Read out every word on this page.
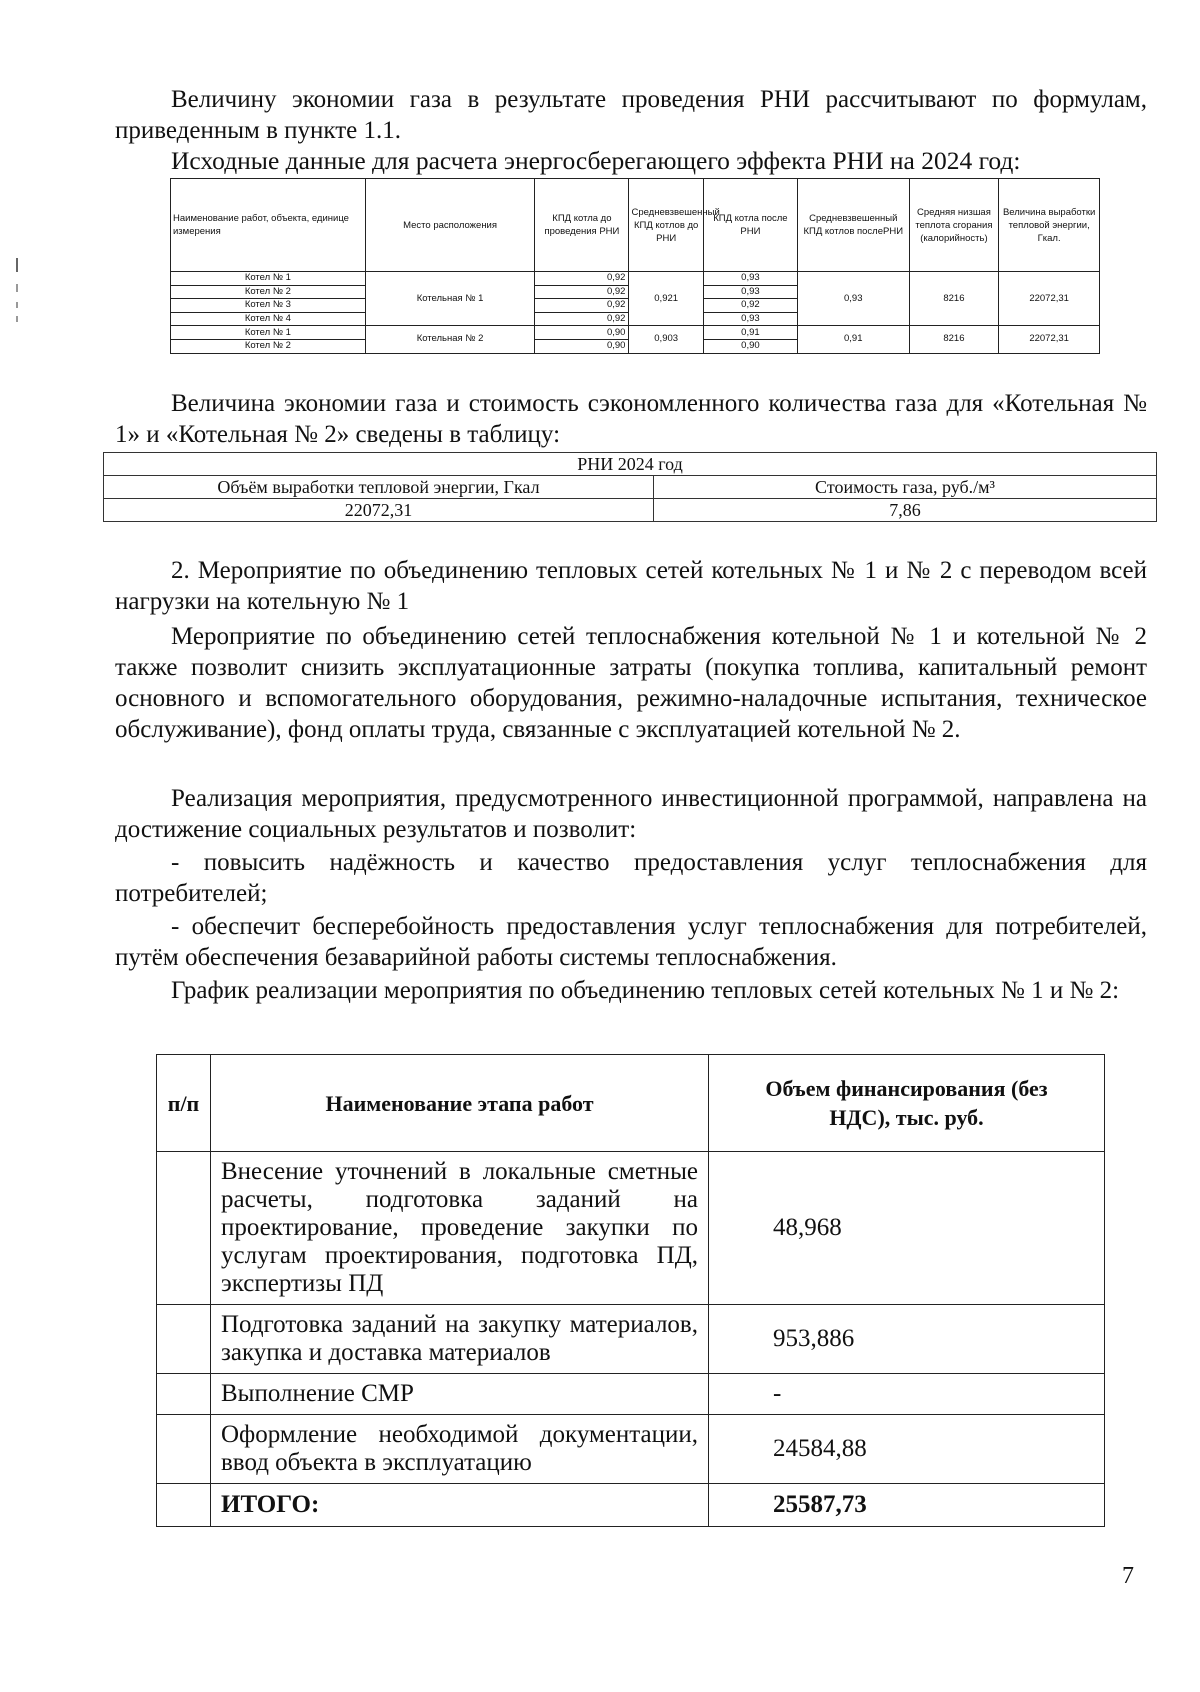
Величину экономии газа в результате проведения РНИ рассчитывают по формулам, приведенным в пункте 1.1.

Исходные данные для расчета энергосберегающего эффекта РНИ на 2024 год:

Наименование работ, объекта, единице измерения	Место расположения	КПД котла до проведения РНИ	Средневзвешенный КПД котлов до РНИ	КПД котла после РНИ	Средневзвешенный КПД котлов послеРНИ	Средняя низшая теплота сгорания (калорийность)	Величина выработки тепловой энергии, Гкал.
Котел № 1	Котельная № 1	0,92	0,921	0,93	0,93	8216	22072,31
Котел № 2		0,92		0,93			
Котел № 3		0,92		0,92			
Котел № 4		0,92		0,93			
Котел № 1	Котельная № 2	0,90	0,903	0,91	0,91	8216	22072,31
Котел № 2		0,90		0,90			

Величина экономии газа и стоимость сэкономленного количества газа для «Котельная № 1» и «Котельная № 2» сведены в таблицу:

РНИ 2024 год	
Объём выработки тепловой энергии, Гкал	Стоимость газа, руб./м³
22072,31	7,86

2. Мероприятие по объединению тепловых сетей котельных № 1 и № 2 с переводом всей нагрузки на котельную № 1

Мероприятие по объединению сетей теплоснабжения котельной № 1 и котельной № 2 также позволит снизить эксплуатационные затраты (покупка топлива, капитальный ремонт основного и вспомогательного оборудования, режимно-наладочные испытания, техническое обслуживание), фонд оплаты труда, связанные с эксплуатацией котельной № 2.

Реализация мероприятия, предусмотренного инвестиционной программой, направлена на достижение социальных результатов и позволит:

- повысить надёжность и качество предоставления услуг теплоснабжения для потребителей;

- обеспечит бесперебойность предоставления услуг теплоснабжения для потребителей, путём обеспечения безаварийной работы системы теплоснабжения.

График реализации мероприятия по объединению тепловых сетей котельных № 1 и № 2:

п/п	Наименование этапа работ	Объем финансирования (без НДС), тыс. руб.
	Внесение уточнений в локальные сметные расчеты, подготовка заданий на проектирование, проведение закупки по услугам проектирования, подготовка ПД, экспертизы ПД	48,968
	Подготовка заданий на закупку материалов, закупка и доставка материалов	953,886
	Выполнение СМР	-
	Оформление необходимой документации, ввод объекта в эксплуатацию	24584,88
	ИТОГО:	25587,73
7
